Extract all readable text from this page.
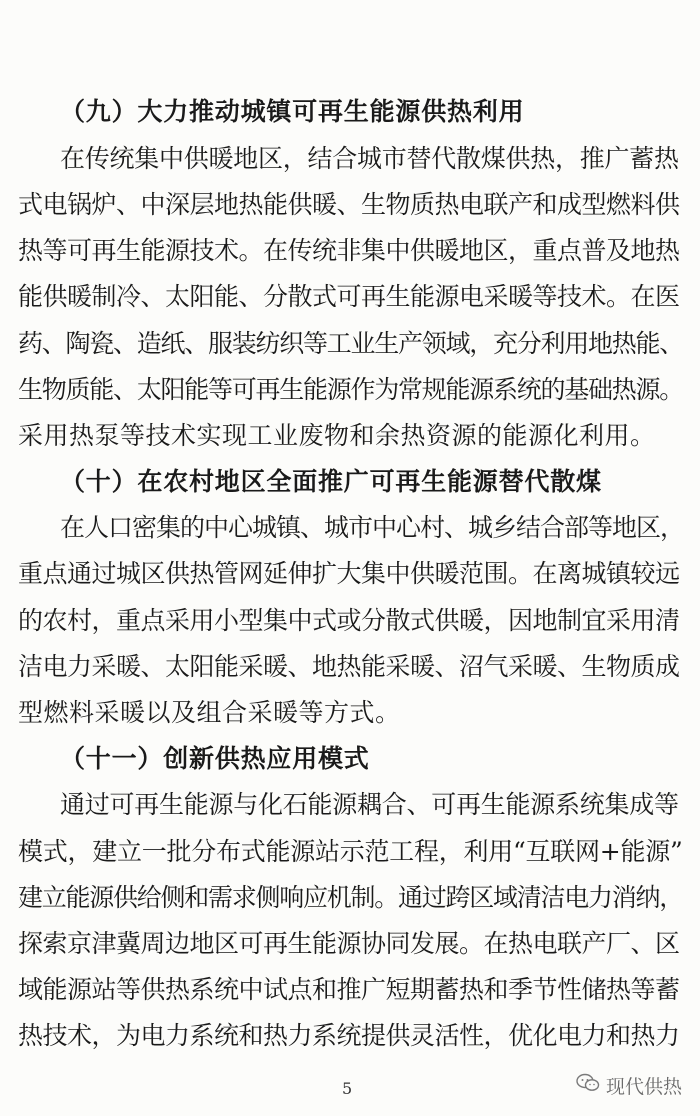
（九）大力推动城镇可再生能源供热利用
在传统集中供暖地区，结合城市替代散煤供热，推广蓄热
式电锅炉、中深层地热能供暖、生物质热电联产和成型燃料供
热等可再生能源技术。在传统非集中供暖地区，重点普及地热
能供暖制冷、太阳能、分散式可再生能源电采暖等技术。在医
药、陶瓷、造纸、服装纺织等工业生产领域，充分利用地热能、
生物质能、太阳能等可再生能源作为常规能源系统的基础热源。
采用热泵等技术实现工业废物和余热资源的能源化利用。
（十）在农村地区全面推广可再生能源替代散煤
在人口密集的中心城镇、城市中心村、城乡结合部等地区，
重点通过城区供热管网延伸扩大集中供暖范围。在离城镇较远
的农村，重点采用小型集中式或分散式供暖，因地制宜采用清
洁电力采暖、太阳能采暖、地热能采暖、沼气采暖、生物质成
型燃料采暖以及组合采暖等方式。
（十一）创新供热应用模式
通过可再生能源与化石能源耦合、可再生能源系统集成等
模式，建立一批分布式能源站示范工程，利用“互联网+能源”
建立能源供给侧和需求侧响应机制。通过跨区域清洁电力消纳，
探索京津冀周边地区可再生能源协同发展。在热电联产厂、区
域能源站等供热系统中试点和推广短期蓄热和季节性储热等蓄
热技术，为电力系统和热力系统提供灵活性，优化电力和热力
5	现代供热
